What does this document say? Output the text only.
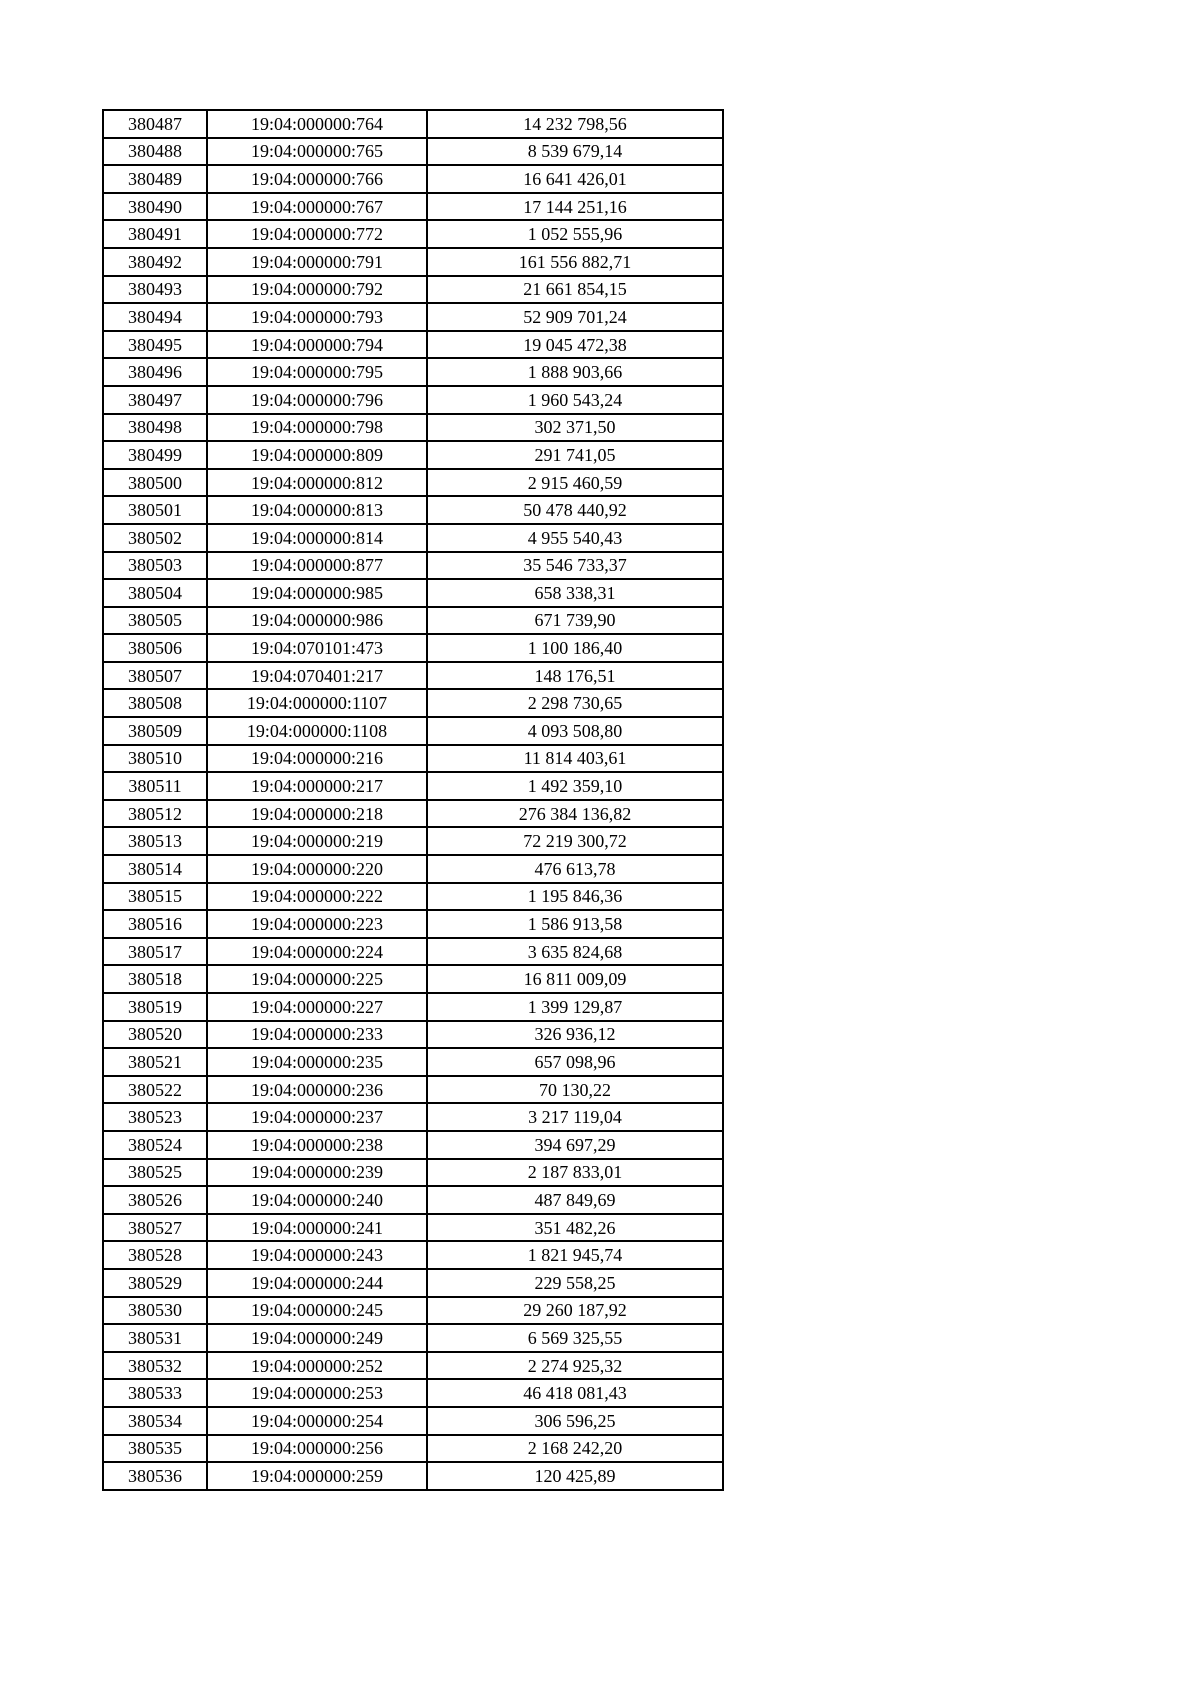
380487	19:04:000000:764	14 232 798,56
380488	19:04:000000:765	8 539 679,14
380489	19:04:000000:766	16 641 426,01
380490	19:04:000000:767	17 144 251,16
380491	19:04:000000:772	1 052 555,96
380492	19:04:000000:791	161 556 882,71
380493	19:04:000000:792	21 661 854,15
380494	19:04:000000:793	52 909 701,24
380495	19:04:000000:794	19 045 472,38
380496	19:04:000000:795	1 888 903,66
380497	19:04:000000:796	1 960 543,24
380498	19:04:000000:798	302 371,50
380499	19:04:000000:809	291 741,05
380500	19:04:000000:812	2 915 460,59
380501	19:04:000000:813	50 478 440,92
380502	19:04:000000:814	4 955 540,43
380503	19:04:000000:877	35 546 733,37
380504	19:04:000000:985	658 338,31
380505	19:04:000000:986	671 739,90
380506	19:04:070101:473	1 100 186,40
380507	19:04:070401:217	148 176,51
380508	19:04:000000:1107	2 298 730,65
380509	19:04:000000:1108	4 093 508,80
380510	19:04:000000:216	11 814 403,61
380511	19:04:000000:217	1 492 359,10
380512	19:04:000000:218	276 384 136,82
380513	19:04:000000:219	72 219 300,72
380514	19:04:000000:220	476 613,78
380515	19:04:000000:222	1 195 846,36
380516	19:04:000000:223	1 586 913,58
380517	19:04:000000:224	3 635 824,68
380518	19:04:000000:225	16 811 009,09
380519	19:04:000000:227	1 399 129,87
380520	19:04:000000:233	326 936,12
380521	19:04:000000:235	657 098,96
380522	19:04:000000:236	70 130,22
380523	19:04:000000:237	3 217 119,04
380524	19:04:000000:238	394 697,29
380525	19:04:000000:239	2 187 833,01
380526	19:04:000000:240	487 849,69
380527	19:04:000000:241	351 482,26
380528	19:04:000000:243	1 821 945,74
380529	19:04:000000:244	229 558,25
380530	19:04:000000:245	29 260 187,92
380531	19:04:000000:249	6 569 325,55
380532	19:04:000000:252	2 274 925,32
380533	19:04:000000:253	46 418 081,43
380534	19:04:000000:254	306 596,25
380535	19:04:000000:256	2 168 242,20
380536	19:04:000000:259	120 425,89
